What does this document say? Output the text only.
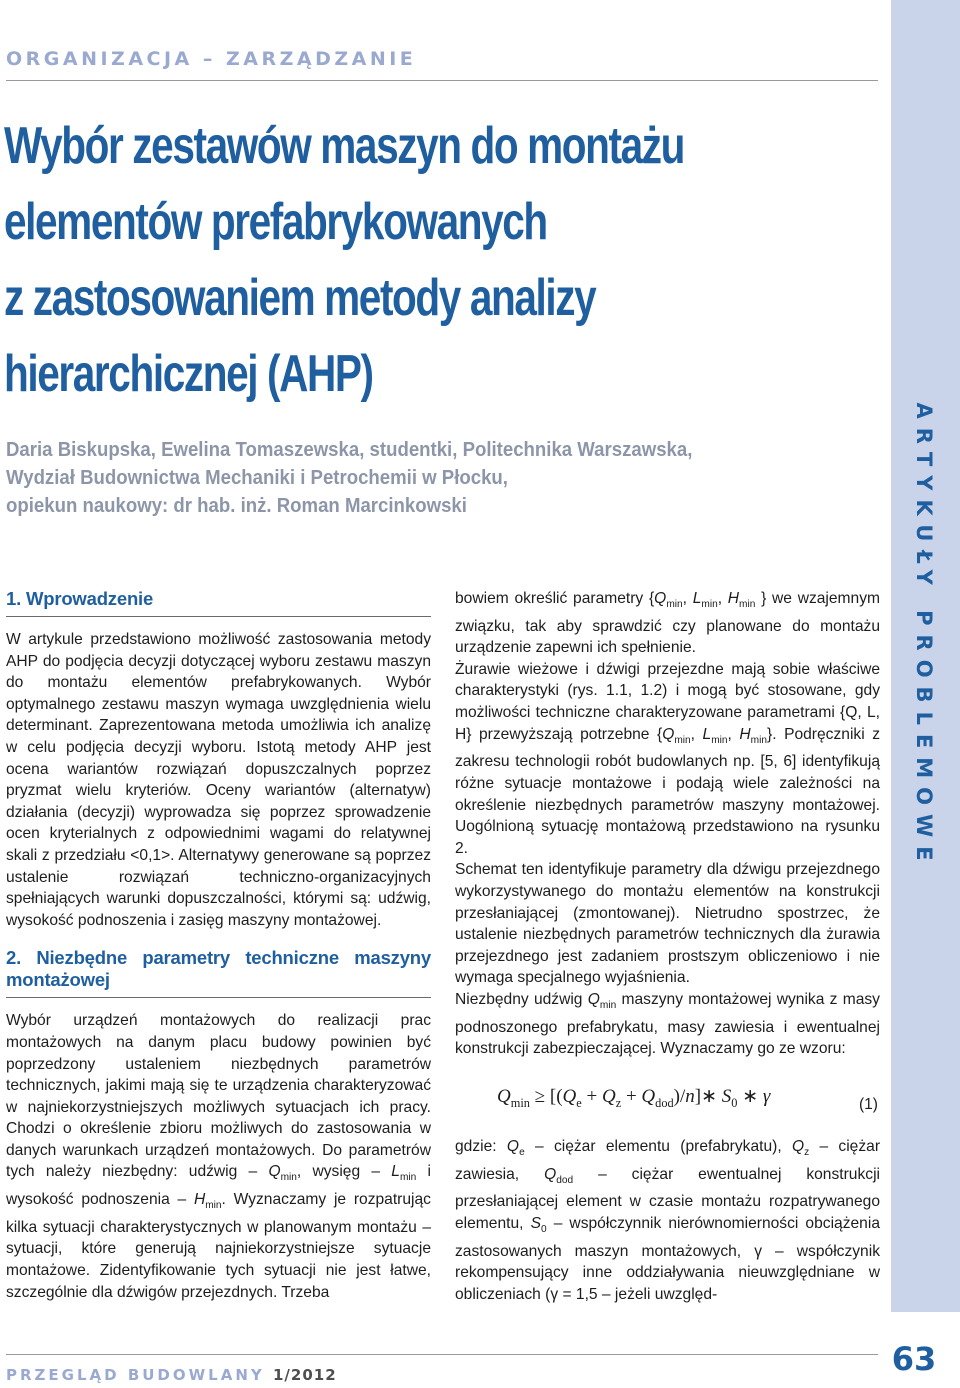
ARTYKUŁY PROBLEMOWE
ORGANIZACJA – ZARZĄDZANIE
Wybór zestawów maszyn do montażu
elementów prefabrykowanych
z zastosowaniem metody analizy
hierarchicznej (AHP)
Daria Biskupska, Ewelina Tomaszewska, studentki, Politechnika Warszawska,
Wydział Budownictwa Mechaniki i Petrochemii w Płocku,
opiekun naukowy: dr hab. inż. Roman Marcinkowski
1. Wprowadzenie

W artykule przedstawiono możliwość zastosowania metody AHP do podjęcia decyzji dotyczącej wyboru zestawu maszyn do montażu elementów prefabrykowanych. Wybór optymalnego zestawu maszyn wymaga uwzględnienia wielu determinant. Zaprezentowana metoda umożliwia ich analizę w celu podjęcia decyzji wyboru. Istotą metody AHP jest ocena wariantów rozwiązań dopuszczalnych poprzez pryzmat wielu kryteriów. Oceny wariantów (alternatyw) działania (decyzji) wyprowadza się poprzez sprowadzenie ocen kryterialnych z odpowiednimi wagami do relatywnej skali z przedziału <0,1>. Alternatywy generowane są poprzez ustalenie rozwiązań techniczno-organizacyjnych spełniających warunki dopuszczalności, którymi są: udźwig, wysokość podnoszenia i zasięg maszyny montażowej.

2. Niezbędne parametry techniczne maszyny montażowej

Wybór urządzeń montażowych do realizacji prac montażowych na danym placu budowy powinien być poprzedzony ustaleniem niezbędnych parametrów technicznych, jakimi mają się te urządzenia charakteryzować w najniekorzystniejszych możliwych sytuacjach ich pracy. Chodzi o określenie zbioru możliwych do zastosowania w danych warunkach urządzeń montażowych. Do parametrów tych należy niezbędny: udźwig – $Q_{min}$, wysięg – $L_{min}$ i wysokość podnoszenia – $H_{min}$. Wyznaczamy je rozpatrując kilka sytuacji charakterystycznych w planowanym montażu – sytuacji, które generują najniekorzystniejsze sytuacje montażowe. Zidentyfikowanie tych sytuacji nie jest łatwe, szczególnie dla dźwigów przejezdnych. Trzeba

bowiem określić parametry {$Q_{min}$, $L_{min}$, $H_{min}$ } we wzajemnym związku, tak aby sprawdzić czy planowane do montażu urządzenie zapewni ich spełnienie.

Żurawie wieżowe i dźwigi przejezdne mają sobie właściwe charakterystyki (rys. 1.1, 1.2) i mogą być stosowane, gdy możliwości techniczne charakteryzowane parametrami {Q, L, H} przewyższają potrzebne {$Q_{min}$, $L_{min}$, $H_{min}$}. Podręczniki z zakresu technologii robót budowlanych np. [5, 6] identyfikują różne sytuacje montażowe i podają wiele zależności na określenie niezbędnych parametrów maszyny montażowej. Uogólnioną sytuację montażową przedstawiono na rysunku 2.

Schemat ten identyfikuje parametry dla dźwigu przejezdnego wykorzystywanego do montażu elementów na konstrukcji przesłaniającej (zmontowanej). Nietrudno spostrzec, że ustalenie niezbędnych parametrów technicznych dla żurawia przejezdnego jest zadaniem prostszym obliczeniowo i nie wymaga specjalnego wyjaśnienia.

Niezbędny udźwig $Q_{min}$ maszyny montażowej wynika z masy podnoszonego prefabrykatu, masy zawiesia i ewentualnej konstrukcji zabezpieczającej. Wyznaczamy go ze wzoru:

$Q_{min} \ge [(Q_e + Q_z$ + $Q_{dod})/n]∗$ $S_0$ ∗ γ	(1)

gdzie: $Q_e$ – ciężar elementu (prefabrykatu), $Q_z$ – ciężar zawiesia, $Q_{dod}$ – ciężar ewentualnej konstrukcji przesłaniającej element w czasie montażu rozpatrywanego elementu, $S_0$ – współczynnik nierównomierności obciążenia zastosowanych maszyn montażowych, γ – współczynik rekompensujący inne oddziaływania nieuwzględniane w obliczeniach (γ = 1,5 – jeżeli uwzględ-

PRZEGLĄD BUDOWLANY 1/2012	63
